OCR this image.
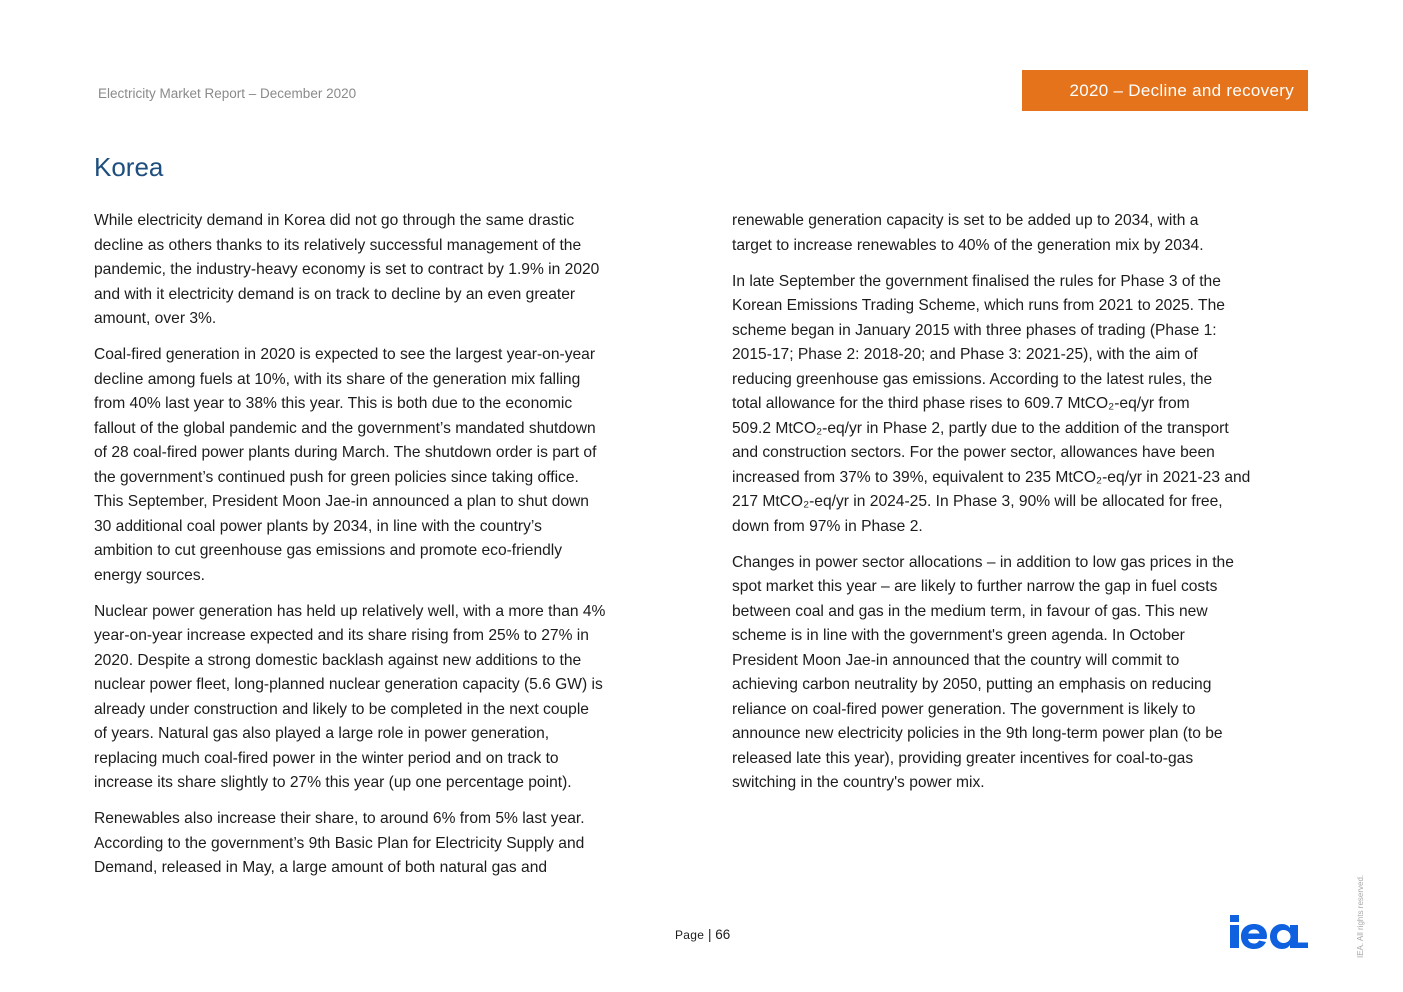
Electricity Market Report – December 2020	2020 – Decline and recovery
Korea

While electricity demand in Korea did not go through the same drastic
decline as others thanks to its relatively successful management of the
pandemic, the industry-heavy economy is set to contract by 1.9% in 2020
and with it electricity demand is on track to decline by an even greater
amount, over 3%.

Coal-fired generation in 2020 is expected to see the largest year-on-year
decline among fuels at 10%, with its share of the generation mix falling
from 40% last year to 38% this year. This is both due to the economic
fallout of the global pandemic and the government’s mandated shutdown
of 28 coal-fired power plants during March. The shutdown order is part of
the government’s continued push for green policies since taking office.
This September, President Moon Jae-in announced a plan to shut down
30 additional coal power plants by 2034, in line with the country’s
ambition to cut greenhouse gas emissions and promote eco-friendly
energy sources.

Nuclear power generation has held up relatively well, with a more than 4%
year-on-year increase expected and its share rising from 25% to 27% in
2020. Despite a strong domestic backlash against new additions to the
nuclear power fleet, long-planned nuclear generation capacity (5.6 GW) is
already under construction and likely to be completed in the next couple
of years. Natural gas also played a large role in power generation,
replacing much coal-fired power in the winter period and on track to
increase its share slightly to 27% this year (up one percentage point).

Renewables also increase their share, to around 6% from 5% last year.
According to the government’s 9th Basic Plan for Electricity Supply and
Demand, released in May, a large amount of both natural gas and

renewable generation capacity is set to be added up to 2034, with a
target to increase renewables to 40% of the generation mix by 2034.

In late September the government finalised the rules for Phase 3 of the
Korean Emissions Trading Scheme, which runs from 2021 to 2025. The
scheme began in January 2015 with three phases of trading (Phase 1:
2015-17; Phase 2: 2018-20; and Phase 3: 2021-25), with the aim of
reducing greenhouse gas emissions. According to the latest rules, the
total allowance for the third phase rises to 609.7 MtCO₂-eq/yr from
509.2 MtCO₂-eq/yr in Phase 2, partly due to the addition of the transport
and construction sectors. For the power sector, allowances have been
increased from 37% to 39%, equivalent to 235 MtCO₂-eq/yr in 2021-23 and
217 MtCO₂-eq/yr in 2024-25. In Phase 3, 90% will be allocated for free,
down from 97% in Phase 2.

Changes in power sector allocations – in addition to low gas prices in the
spot market this year – are likely to further narrow the gap in fuel costs
between coal and gas in the medium term, in favour of gas. This new
scheme is in line with the government's green agenda. In October
President Moon Jae-in announced that the country will commit to
achieving carbon neutrality by 2050, putting an emphasis on reducing
reliance on coal-fired power generation. The government is likely to
announce new electricity policies in the 9th long-term power plan (to be
released late this year), providing greater incentives for coal-to-gas
switching in the country's power mix.

Page | 66
iea	IEA. All rights reserved.
